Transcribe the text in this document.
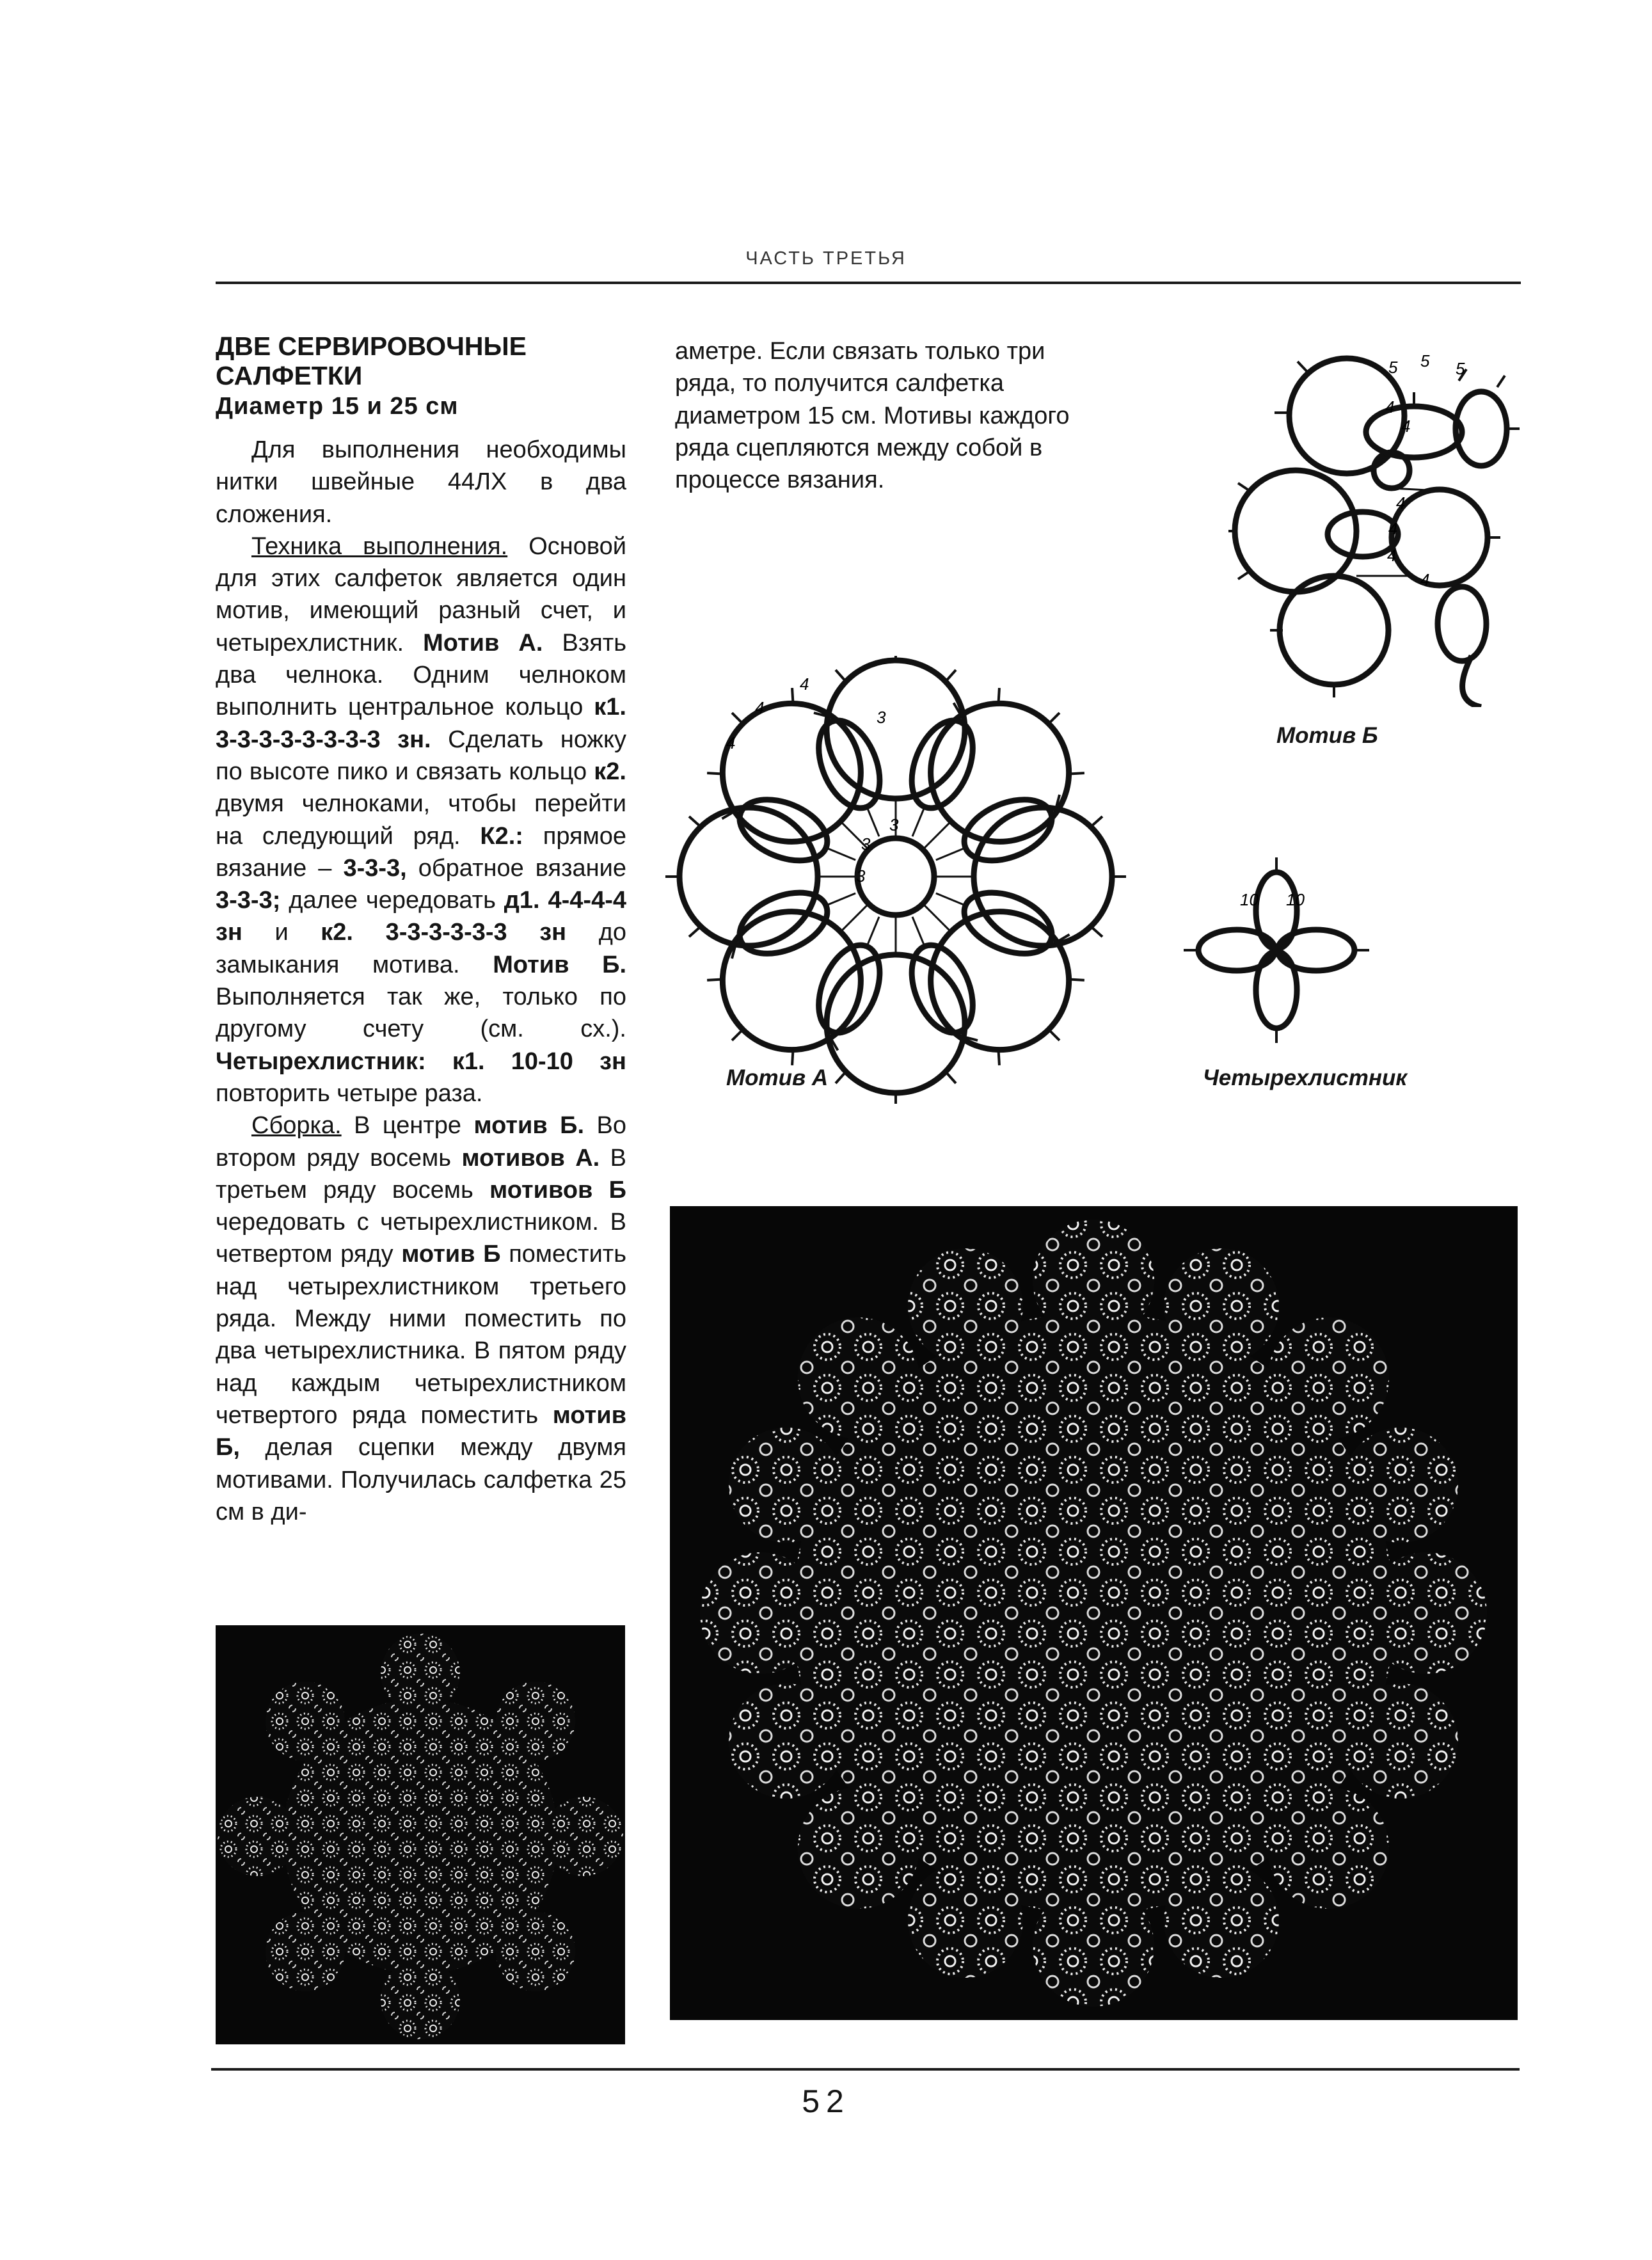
ЧАСТЬ ТРЕТЬЯ
ДВЕ СЕРВИРОВОЧНЫЕ САЛФЕТКИ
Диаметр 15 и 25 см

Для выполнения необходимы нитки швейные 44ЛХ в два сложения.

Техника выполнения. Основой для этих салфеток является один мотив, имеющий разный счет, и четырехлистник. Мотив А. Взять два челнока. Одним челноком выполнить центральное кольцо к1. 3-3-3-3-3-3-3-3 зн. Сделать ножку по высоте пико и связать кольцо к2. двумя челноками, чтобы перейти на следующий ряд. К2.: прямое вязание – 3-3-3, обратное вязание 3-3-3; далее чередовать д1. 4-4-4-4 зн и к2. 3-3-3-3-3-3 зн до замыкания мотива. Мотив Б. Выполняется так же, только по другому счету (см. сх.). Четырехлистник: к1. 10-10 зн повторить четыре раза.

Сборка. В центре мотив Б. Во втором ряду восемь мотивов А. В третьем ряду восемь мотивов Б чередовать с четырехлистником. В четвертом ряду мотив Б поместить над четырехлистником третьего ряда. Между ними поместить по два четырехлистника. В пятом ряду над каждым четырехлистником четвертого ряда поместить мотив Б, делая сцепки между двумя мотивами. Получилась салфетка 25 см в ди-

аметре. Если связать только три ряда, то получится салфетка диаметром 15 см. Мотивы каждого ряда сцепляются между собой в процессе вязания.
3
3
3
3
4
4
4
Мотив А
5 5 5
4
4
4
4
4
4
Мотив Б
10 10
Четырехлистник
52
